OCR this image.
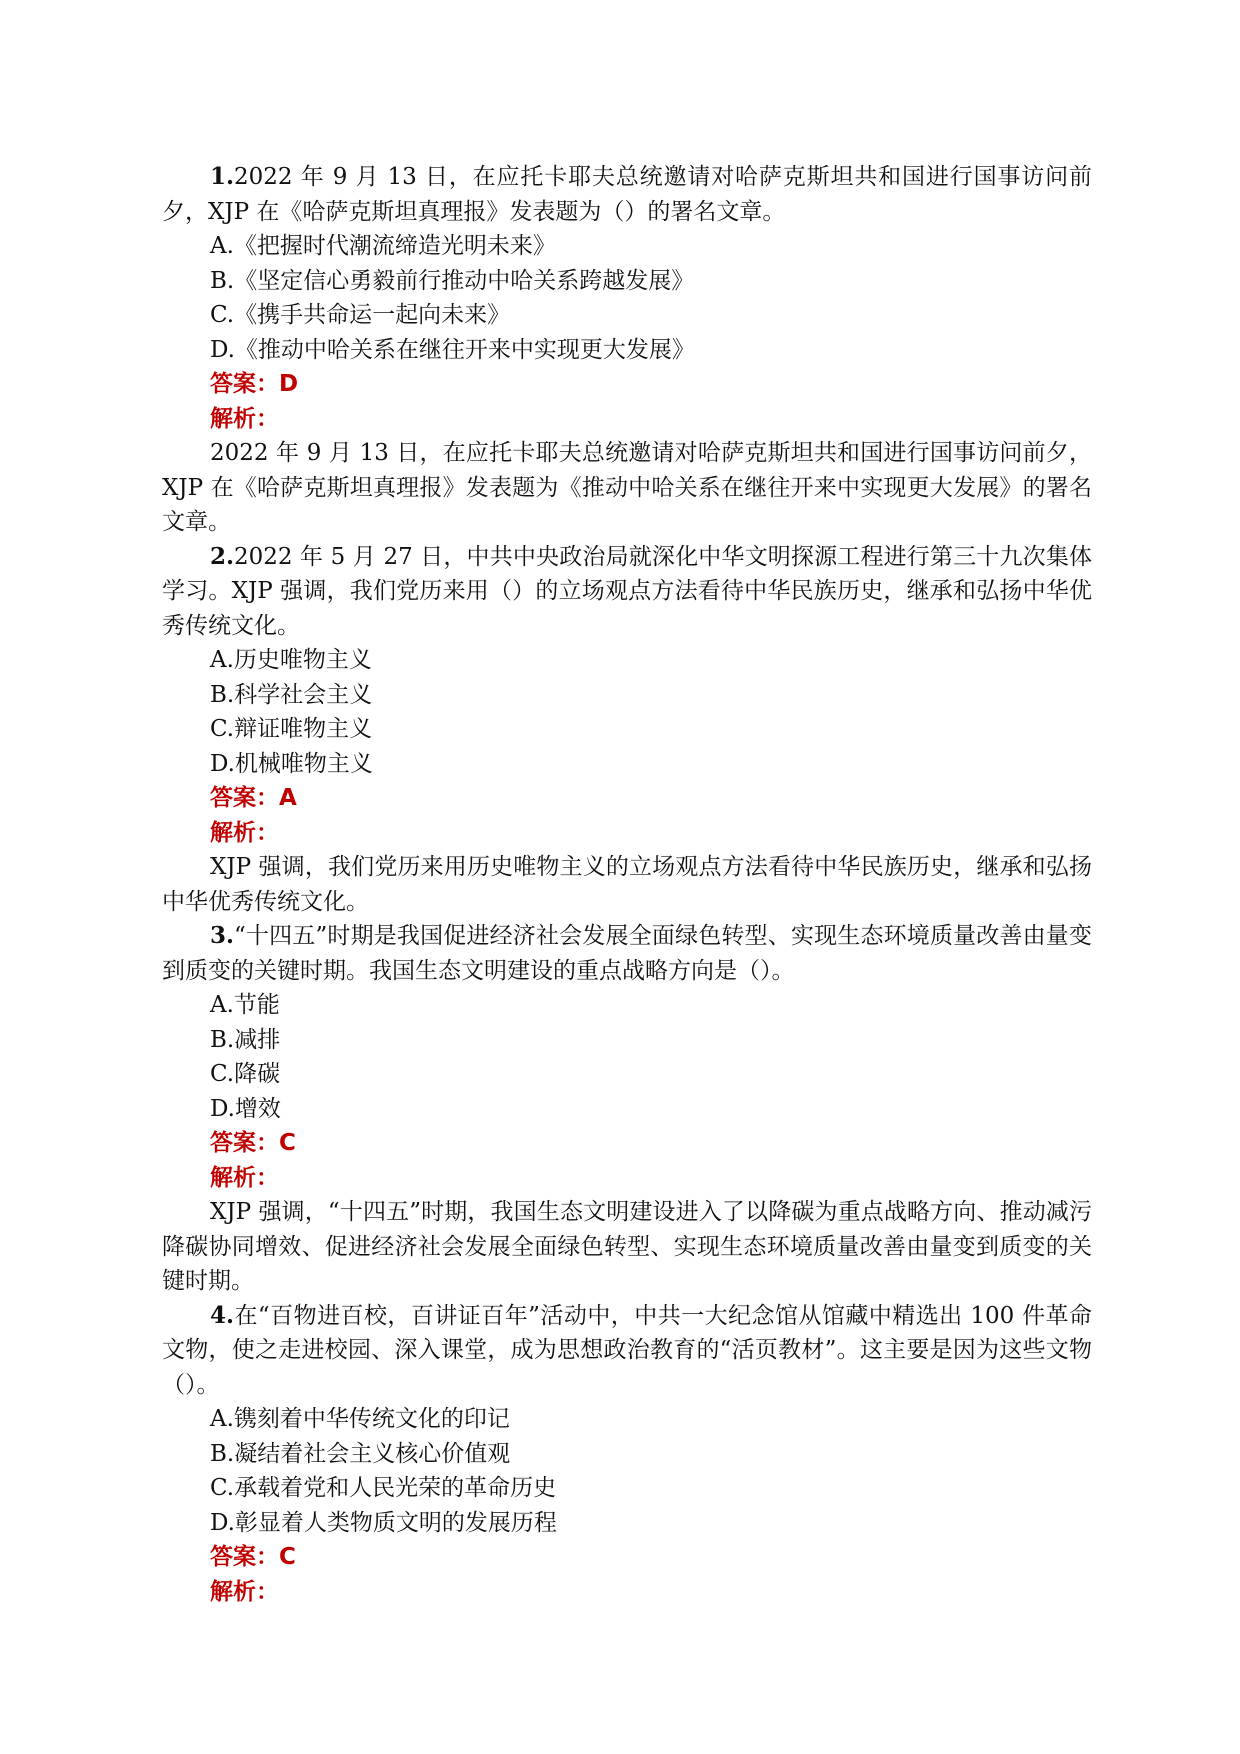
1.2022 年 9 月 13 日，在应托卡耶夫总统邀请对哈萨克斯坦共和国进行国事访问前夕，XJP 在《哈萨克斯坦真理报》发表题为（）的署名文章。

A.《把握时代潮流缔造光明未来》

B.《坚定信心勇毅前行推动中哈关系跨越发展》

C.《携手共命运一起向未来》

D.《推动中哈关系在继往开来中实现更大发展》

答案：D

解析：

2022 年 9 月 13 日，在应托卡耶夫总统邀请对哈萨克斯坦共和国进行国事访问前夕，XJP 在《哈萨克斯坦真理报》发表题为《推动中哈关系在继往开来中实现更大发展》的署名文章。

2.2022 年 5 月 27 日，中共中央政治局就深化中华文明探源工程进行第三十九次集体学习。XJP 强调，我们党历来用（）的立场观点方法看待中华民族历史，继承和弘扬中华优秀传统文化。

A.历史唯物主义

B.科学社会主义

C.辩证唯物主义

D.机械唯物主义

答案：A

解析：

XJP 强调，我们党历来用历史唯物主义的立场观点方法看待中华民族历史，继承和弘扬中华优秀传统文化。

3.“十四五”时期是我国促进经济社会发展全面绿色转型、实现生态环境质量改善由量变到质变的关键时期。我国生态文明建设的重点战略方向是（）。

A.节能

B.减排

C.降碳

D.增效

答案：C

解析：

XJP 强调，“十四五”时期，我国生态文明建设进入了以降碳为重点战略方向、推动减污降碳协同增效、促进经济社会发展全面绿色转型、实现生态环境质量改善由量变到质变的关键时期。

4.在“百物进百校，百讲证百年”活动中，中共一大纪念馆从馆藏中精选出 100 件革命文物，使之走进校园、深入课堂，成为思想政治教育的“活页教材”。这主要是因为这些文物（）。

A.镌刻着中华传统文化的印记

B.凝结着社会主义核心价值观

C.承载着党和人民光荣的革命历史

D.彰显着人类物质文明的发展历程

答案：C

解析：
